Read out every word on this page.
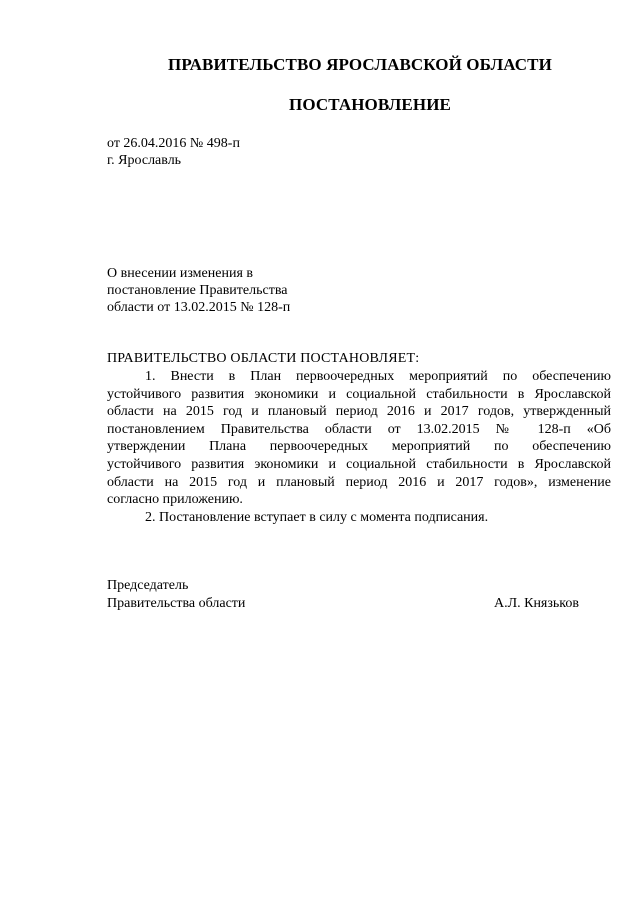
ПРАВИТЕЛЬСТВО ЯРОСЛАВСКОЙ ОБЛАСТИ
ПОСТАНОВЛЕНИЕ
от 26.04.2016 № 498-п
г. Ярославль
О внесении изменения в
постановление Правительства
области от 13.02.2015 № 128-п
ПРАВИТЕЛЬСТВО ОБЛАСТИ ПОСТАНОВЛЯЕТ:
1. Внести в План первоочередных мероприятий по обеспечению
устойчивого развития экономики и социальной стабильности в Ярославской
области на 2015 год и плановый период 2016 и 2017 годов, утвержденный
постановлением Правительства области от 13.02.2015 № 128-п «Об
утверждении Плана первоочередных мероприятий по обеспечению
устойчивого развития экономики и социальной стабильности в Ярославской
области на 2015 год и плановый период 2016 и 2017 годов», изменение
согласно приложению.
2. Постановление вступает в силу с момента подписания.
Председатель
Правительства области	А.Л. Князьков
